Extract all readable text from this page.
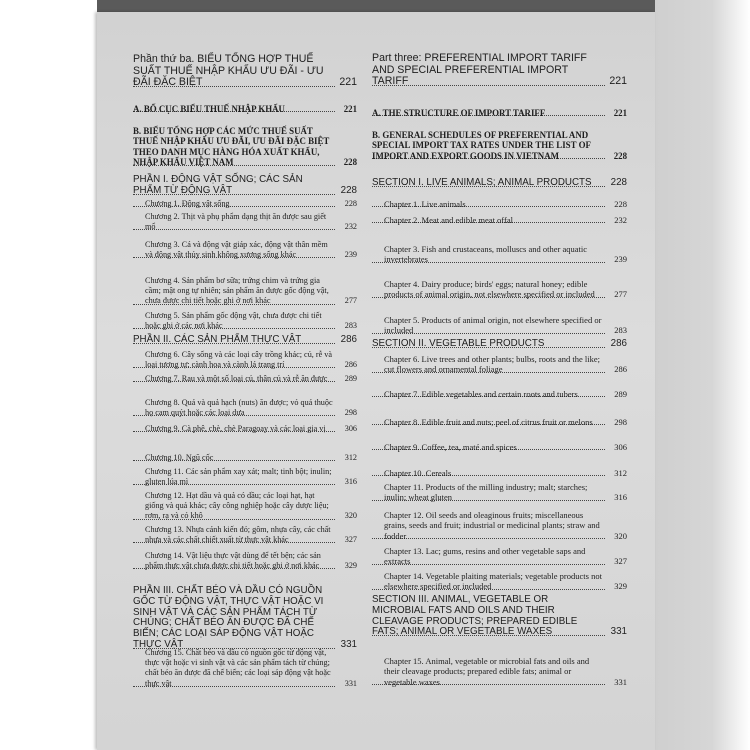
Phần thứ ba. BIỂU TỔNG HỢP THUẾ SUẤT THUẾ NHẬP KHẨU ƯU ĐÃI - ƯU ĐÃI ĐẶC BIỆT	221
A. BỐ CỤC BIỂU THUẾ NHẬP KHẨU	221
B. BIỂU TỔNG HỢP CÁC MỨC THUẾ SUẤT THUẾ NHẬP KHẨU ƯU ĐÃI, ƯU ĐÃI ĐẶC BIỆT THEO DANH MỤC HÀNG HÓA XUẤT KHẨU, NHẬP KHẨU VIỆT NAM	228
PHẦN I. ĐỘNG VẬT SỐNG; CÁC SẢN PHẨM TỪ ĐỘNG VẬT	228
Chương 1. Động vật sống	228
Chương 2. Thịt và phụ phẩm dạng thịt ăn được sau giết mổ	232
Chương 3. Cá và động vật giáp xác, động vật thân mềm và động vật thủy sinh không xương sống khác	239
Chương 4. Sản phẩm bơ sữa; trứng chim và trứng gia cầm; mật ong tự nhiên; sản phẩm ăn được gốc động vật, chưa được chi tiết hoặc ghi ở nơi khác	277
Chương 5. Sản phẩm gốc động vật, chưa được chi tiết hoặc ghi ở các nơi khác	283
PHẦN II. CÁC SẢN PHẨM THỰC VẬT	286
Chương 6. Cây sống và các loại cây trồng khác; củ, rễ và loại tương tự; cành hoa và cành lá trang trí	286
Chương 7. Rau và một số loại củ, thân củ và rễ ăn được 289
Chương 8. Quả và quả hạch (nuts) ăn được; vỏ quả thuộc họ cam quýt hoặc các loại dưa	298
Chương 9. Cà phê, chè, chè Paragoay và các loại gia vị 306
Chương 10. Ngũ cốc	312
Chương 11. Các sản phẩm xay xát; malt; tinh bột; inulin; gluten lúa mì	316
Chương 12. Hạt dầu và quả có dầu; các loại hạt, hạt giống và quả khác; cây công nghiệp hoặc cây dược liệu; rơm, rạ và cỏ khô	320
Chương 13. Nhựa cánh kiến đỏ; gôm, nhựa cây, các chất nhựa và các chất chiết xuất từ thực vật khác	327
Chương 14. Vật liệu thực vật dùng để tết bện; các sản phẩm thực vật chưa được chi tiết hoặc ghi ở nơi khác	329
PHẦN III. CHẤT BÉO VÀ DẦU CÓ NGUỒN GỐC TỪ ĐỘNG VẬT, THỰC VẬT HOẶC VI SINH VẬT VÀ CÁC SẢN PHẨM TÁCH TỪ CHÚNG; CHẤT BÉO ĂN ĐƯỢC ĐÃ CHẾ BIẾN; CÁC LOẠI SÁP ĐỘNG VẬT HOẶC THỰC VẬT	331
Chương 15. Chất béo và dầu có nguồn gốc từ động vật, thực vật hoặc vi sinh vật và các sản phẩm tách từ chúng; chất béo ăn được đã chế biến; các loại sáp động vật hoặc thực vật	331
Part three: PREFERENTIAL IMPORT TARIFF AND SPECIAL PREFERENTIAL IMPORT TARIFF	221
A. THE STRUCTURE OF IMPORT TARIFF	221
B. GENERAL SCHEDULES OF PREFERENTIAL AND SPECIAL IMPORT TAX RATES UNDER THE LIST OF IMPORT AND EXPORT GOODS IN VIETNAM	228
SECTION I. LIVE ANIMALS; ANIMAL PRODUCTS 228
Chapter 1. Live animals	228
Chapter 2. Meat and edible meat offal	232
Chapter 3. Fish and crustaceans, molluscs and other aquatic invertebrates	239
Chapter 4. Dairy produce; birds' eggs; natural honey; edible products of animal origin, not elsewhere specified or included 277
Chapter 5. Products of animal origin, not elsewhere specified or included	283
SECTION II. VEGETABLE PRODUCTS	286
Chapter 6. Live trees and other plants; bulbs, roots and the like; cut flowers and ornamental foliage	286
Chapter 7. Edible vegetables and certain roots and tubers	289
Chapter 8. Edible fruit and nuts; peel of citrus fruit or melons	298
Chapter 9. Coffee, tea, maté and spices	306
Chapter 10. Cereals	312
Chapter 11. Products of the milling industry; malt; starches; inulin; wheat gluten	316
Chapter 12. Oil seeds and oleaginous fruits; miscellaneous grains, seeds and fruit; industrial or medicinal plants; straw and fodder	320
Chapter 13. Lac; gums, resins and other vegetable saps and extracts	327
Chapter 14. Vegetable plaiting materials; vegetable products not elsewhere specified or included	329
SECTION III. ANIMAL, VEGETABLE OR MICROBIAL FATS AND OILS AND THEIR CLEAVAGE PRODUCTS; PREPARED EDIBLE FATS; ANIMAL OR VEGETABLE WAXES	331
Chapter 15. Animal, vegetable or microbial fats and oils and their cleavage products; prepared edible fats; animal or vegetable waxes	331
